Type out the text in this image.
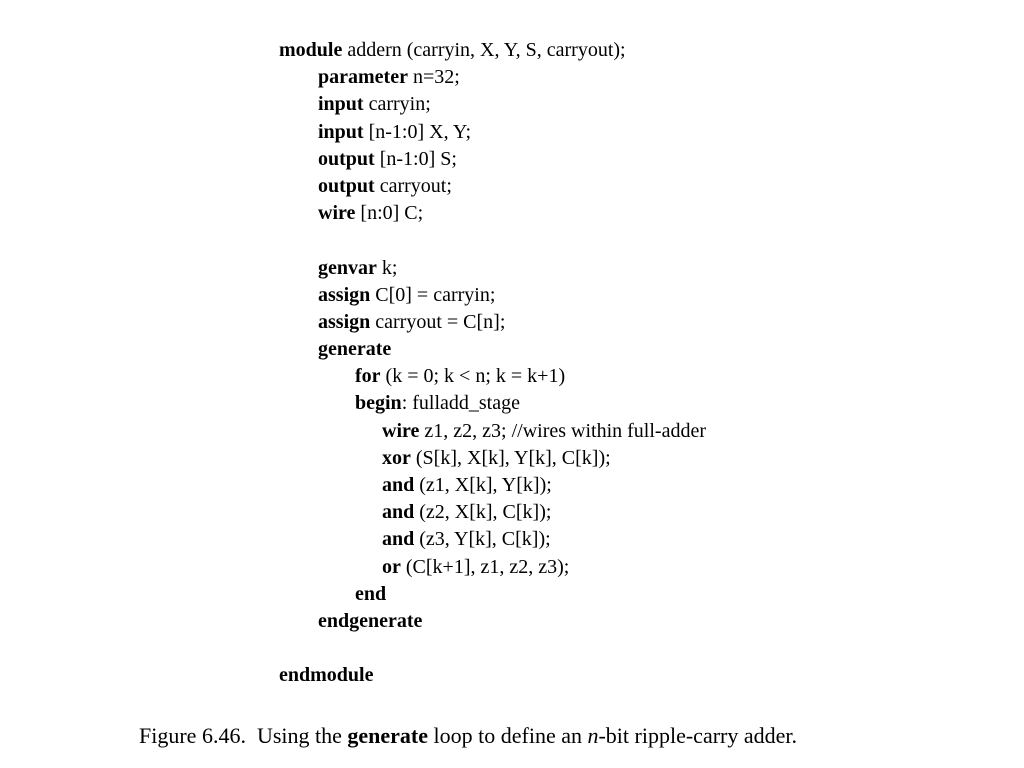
module addern (carryin, X, Y, S, carryout);
parameter n=32;
input carryin;
input [n-1:0] X, Y;
output [n-1:0] S;
output carryout;
wire [n:0] C;
genvar k;
assign C[0] = carryin;
assign carryout = C[n];
generate
for (k = 0; k < n; k = k+1)
begin: fulladd_stage
wire z1, z2, z3; //wires within full-adder
xor (S[k], X[k], Y[k], C[k]);
and (z1, X[k], Y[k]);
and (z2, X[k], C[k]);
and (z3, Y[k], C[k]);
or (C[k+1], z1, z2, z3);
end
endgenerate
endmodule
Figure 6.46.  Using the generate loop to define an n-bit ripple-carry adder.
